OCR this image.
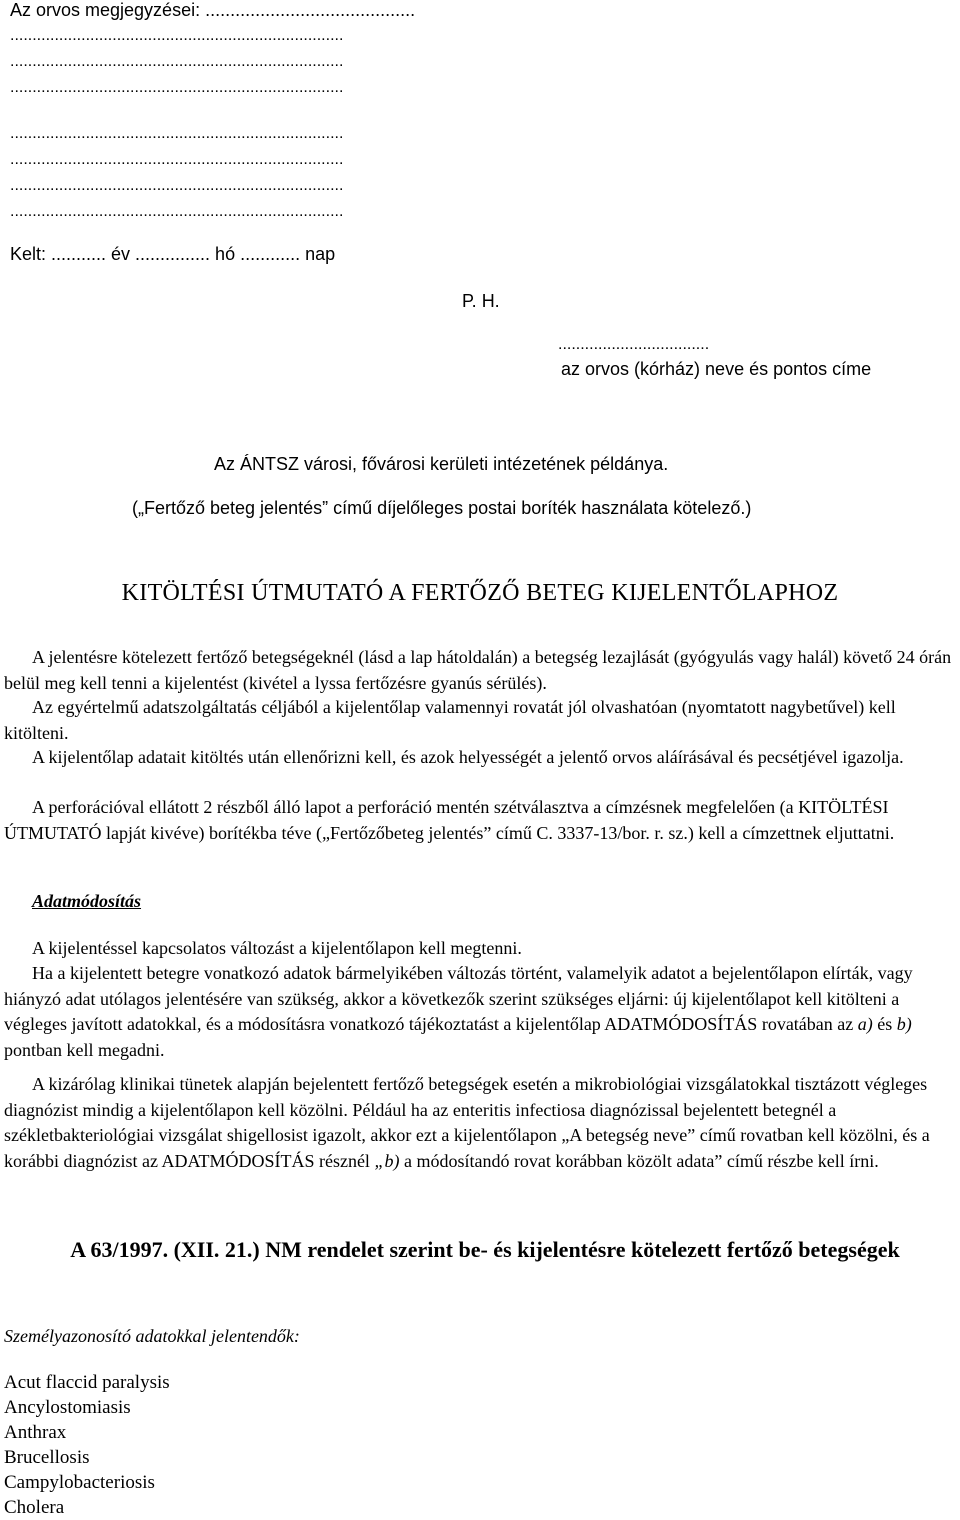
Az orvos megjegyzései: ..........................................
...........................................................................
...........................................................................
...........................................................................
...........................................................................
...........................................................................
...........................................................................
...........................................................................
Kelt: ........... év ............... hó ............ nap
P. H.
..................................
az orvos (kórház) neve és pontos címe
Az ÁNTSZ városi, fővárosi kerületi intézetének példánya.
(„Fertőző beteg jelentés” című díjelőleges postai boríték használata kötelező.)
KITÖLTÉSI ÚTMUTATÓ A FERTŐZŐ BETEG KIJELENTŐLAPHOZ

A jelentésre kötelezett fertőző betegségeknél (lásd a lap hátoldalán) a betegség lezajlását (gyógyulás vagy halál) követő 24 órán belül meg kell tenni a kijelentést (kivétel a lyssa fertőzésre gyanús sérülés).

Az egyértelmű adatszolgáltatás céljából a kijelentőlap valamennyi rovatát jól olvashatóan (nyomtatott nagybetűvel) kell kitölteni.

A kijelentőlap adatait kitöltés után ellenőrizni kell, és azok helyességét a jelentő orvos aláírásával és pecsétjével igazolja.

A perforációval ellátott 2 részből álló lapot a perforáció mentén szétválasztva a címzésnek megfelelően (a KITÖLTÉSI ÚTMUTATÓ lapját kivéve) borítékba téve („Fertőzőbeteg jelentés” című C. 3337-13/bor. r. sz.) kell a címzettnek eljuttatni.

Adatmódosítás

A kijelentéssel kapcsolatos változást a kijelentőlapon kell megtenni.

Ha a kijelentett betegre vonatkozó adatok bármelyikében változás történt, valamelyik adatot a bejelentőlapon elírták, vagy hiányzó adat utólagos jelentésére van szükség, akkor a következők szerint szükséges eljárni: új kijelentőlapot kell kitölteni a végleges javított adatokkal, és a módosításra vonatkozó tájékoztatást a kijelentőlap ADATMÓDOSÍTÁS rovatában az a) és b) pontban kell megadni.

A kizárólag klinikai tünetek alapján bejelentett fertőző betegségek esetén a mikrobiológiai vizsgálatokkal tisztázott végleges diagnózist mindig a kijelentőlapon kell közölni. Például ha az enteritis infectiosa diagnózissal bejelentett betegnél a székletbakteriológiai vizsgálat shigellosist igazolt, akkor ezt a kijelentőlapon „A betegség neve” című rovatban kell közölni, és a korábbi diagnózist az ADATMÓDOSÍTÁS résznél „b) a módosítandó rovat korábban közölt adata” című részbe kell írni.

A 63/1997. (XII. 21.) NM rendelet szerint be- és kijelentésre kötelezett fertőző betegségek
Személyazonosító adatokkal jelentendők:
Acut flaccid paralysis
Ancylostomiasis
Anthrax
Brucellosis
Campylobacteriosis
Cholera
